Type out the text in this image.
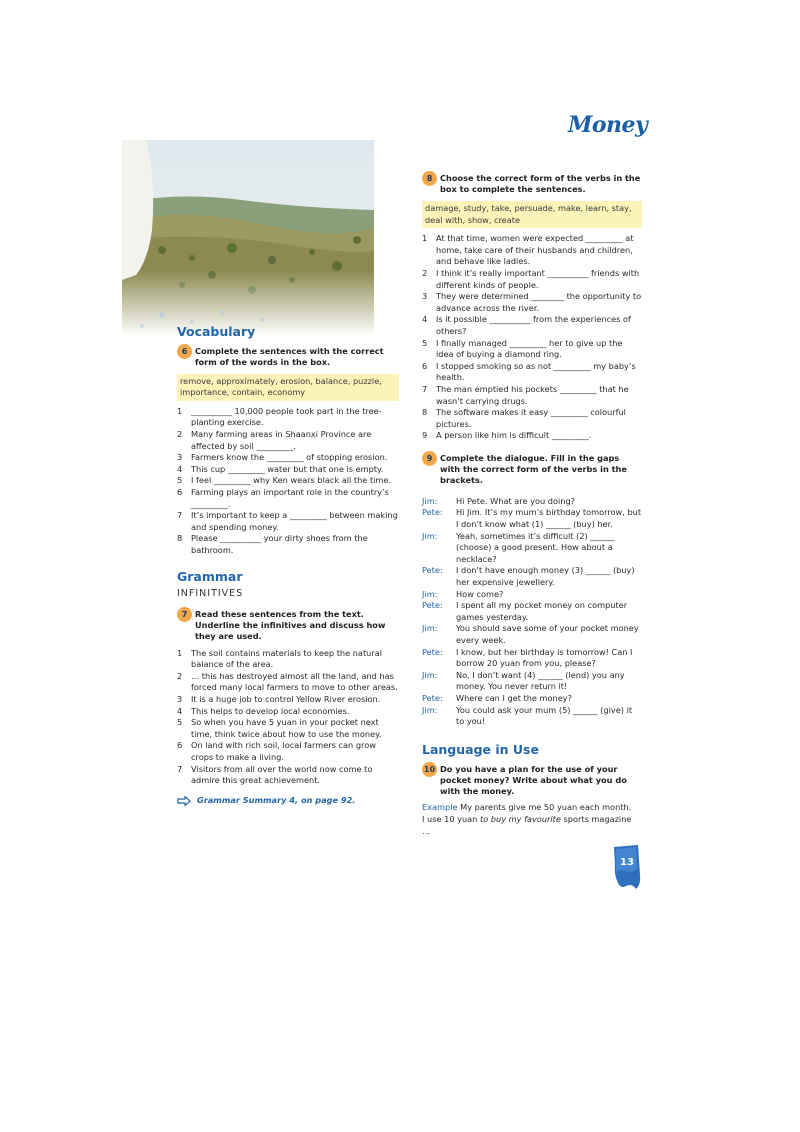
Money
Vocabulary
6 Complete the sentences with the correct form of the words in the box.

remove, approximately, erosion, balance, puzzle, importance, contain, economy

1	__________ 10,000 people took part in the tree-planting exercise.
2	Many farming areas in Shaanxi Province are affected by soil _________.
3	Farmers know the _________ of stopping erosion.
4	This cup _________ water but that one is empty.
5	I feel _________ why Ken wears black all the time.
6	Farming plays an important role in the country’s _________.
7	It’s important to keep a _________ between making and spending money.
8	Please __________ your dirty shoes from the bathroom.
Grammar
INFINITIVES
7 Read these sentences from the text. Underline the infinitives and discuss how they are used.
1	The soil contains materials to keep the natural balance of the area.
2	… this has destroyed almost all the land, and has forced many local farmers to move to other areas.
3	It is a huge job to control Yellow River erosion.
4	This helps to develop local economies.
5	So when you have 5 yuan in your pocket next time, think twice about how to use the money.
6	On land with rich soil, local farmers can grow crops to make a living.
7	Visitors from all over the world now come to admire this great achievement.
Grammar Summary 4, on page 92.
8 Choose the correct form of the verbs in the box to complete the sentences.

damage, study, take, persuade, make, learn, stay, deal with, show, create

1	At that time, women were expected _________ at home, take care of their husbands and children, and behave like ladies.
2	I think it’s really important __________ friends with different kinds of people.
3	They were determined ________ the opportunity to advance across the river.
4	Is it possible __________ from the experiences of others?
5	I finally managed _________ her to give up the idea of buying a diamond ring.
6	I stopped smoking so as not _________ my baby’s health.
7	The man emptied his pockets _________ that he wasn’t carrying drugs.
8	The software makes it easy _________ colourful pictures.
9	A person like him is difficult _________.
9 Complete the dialogue. Fill in the gaps with the correct form of the verbs in the brackets.
Jim:	Hi Pete. What are you doing?
Pete:	Hi Jim. It’s my mum’s birthday tomorrow, but I don’t know what (1) ______ (buy) her.
Jim:	Yeah, sometimes it’s difficult (2) ______ (choose) a good present. How about a necklace?
Pete:	I don’t have enough money (3) ______ (buy) her expensive jewellery.
Jim:	How come?
Pete:	I spent all my pocket money on computer games yesterday.
Jim:	You should save some of your pocket money every week.
Pete:	I know, but her birthday is tomorrow! Can I borrow 20 yuan from you, please?
Jim:	No, I don’t want (4) ______ (lend) you any money. You never return it!
Pete:	Where can I get the money?
Jim:	You could ask your mum (5) ______ (give) it to you!
Language in Use
10 Do you have a plan for the use of your pocket money? Write about what you do with the money.
Example My parents give me 50 yuan each month.
I use 10 yuan to buy my favourite sports magazine …
13
